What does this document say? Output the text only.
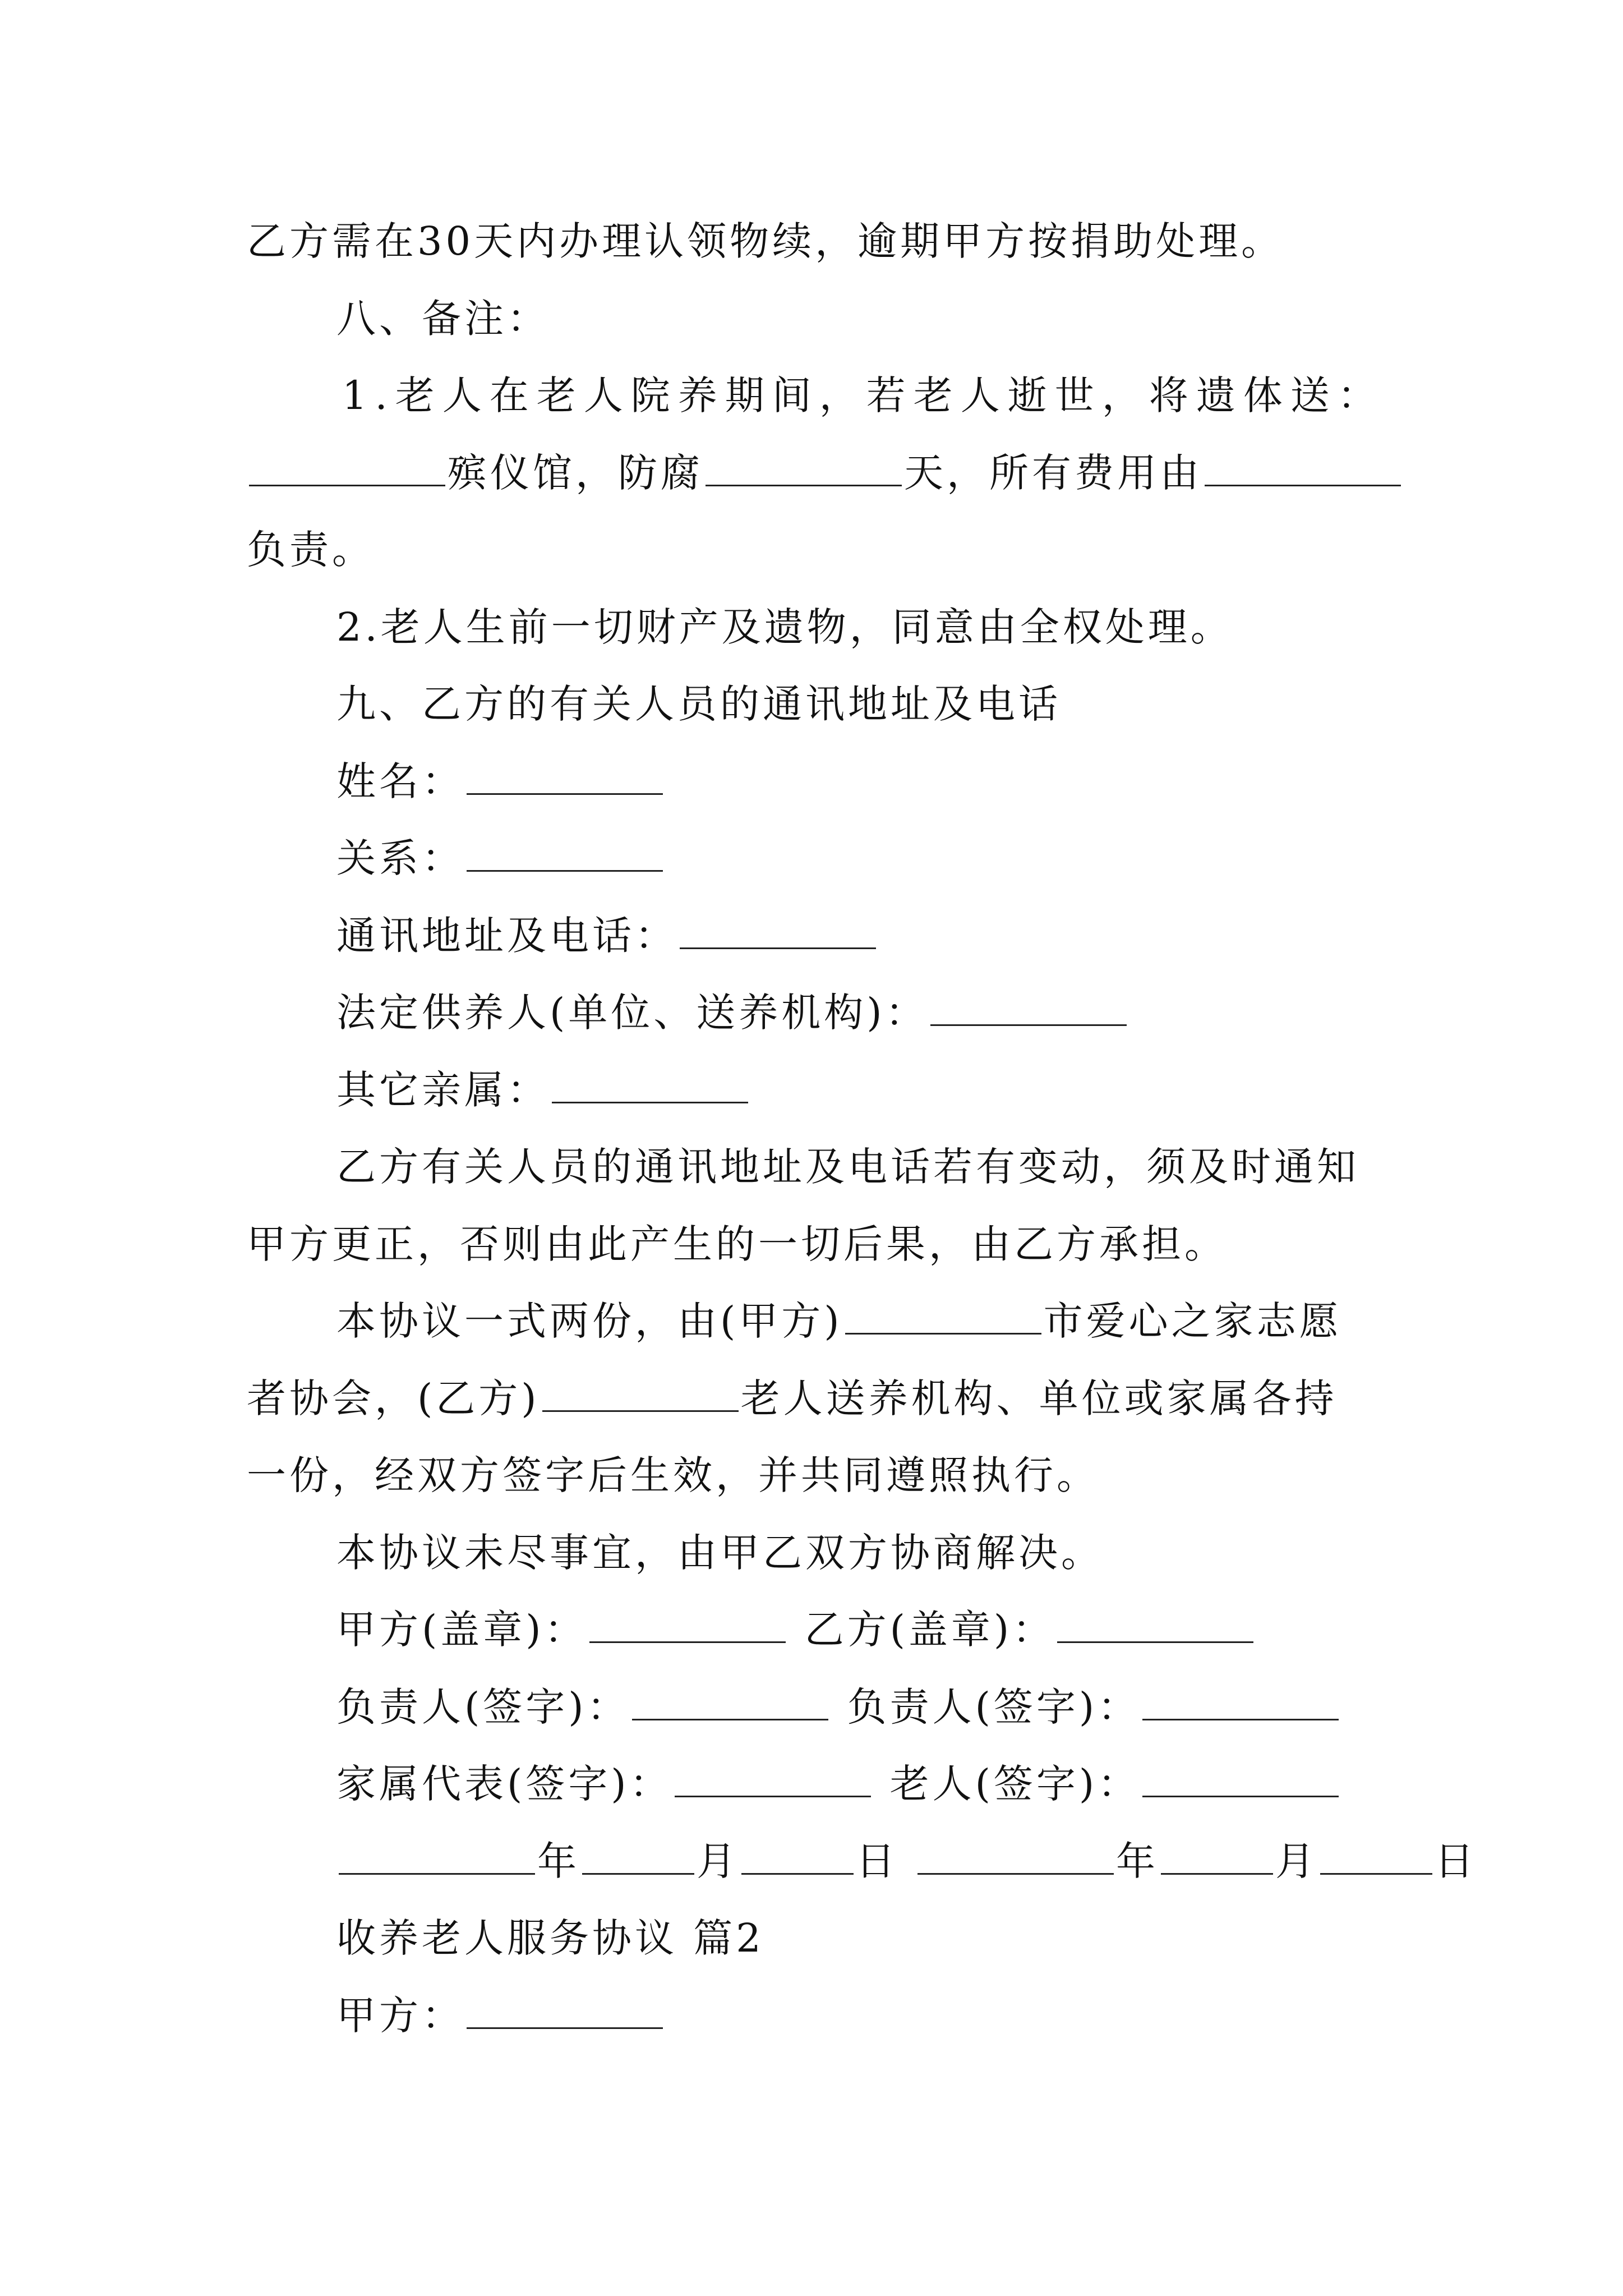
乙方需在30天内办理认领物续，逾期甲方按捐助处理。

八、备注：

1.老人在老人院养期间，若老人逝世，将遗体送：

殡仪馆，防腐	天，所有费用由

负责。

2.老人生前一切财产及遗物，同意由全权处理。

九、乙方的有关人员的通讯地址及电话

姓名：

关系：

通讯地址及电话：

法定供养人(单位、送养机构)：

其它亲属：

乙方有关人员的通讯地址及电话若有变动，须及时通知

甲方更正，否则由此产生的一切后果，由乙方承担。

本协议一式两份，由(甲方)	市爱心之家志愿

者协会，(乙方)	老人送养机构、单位或家属各持

一份，经双方签字后生效，并共同遵照执行。

本协议未尽事宜，由甲乙双方协商解决。

甲方(盖章)：	乙方(盖章)：

负责人(签字)：	负责人(签字)：

家属代表(签字)：	老人(签字)：

年	月	日	年	月	日

收养老人服务协议 篇2

甲方：
